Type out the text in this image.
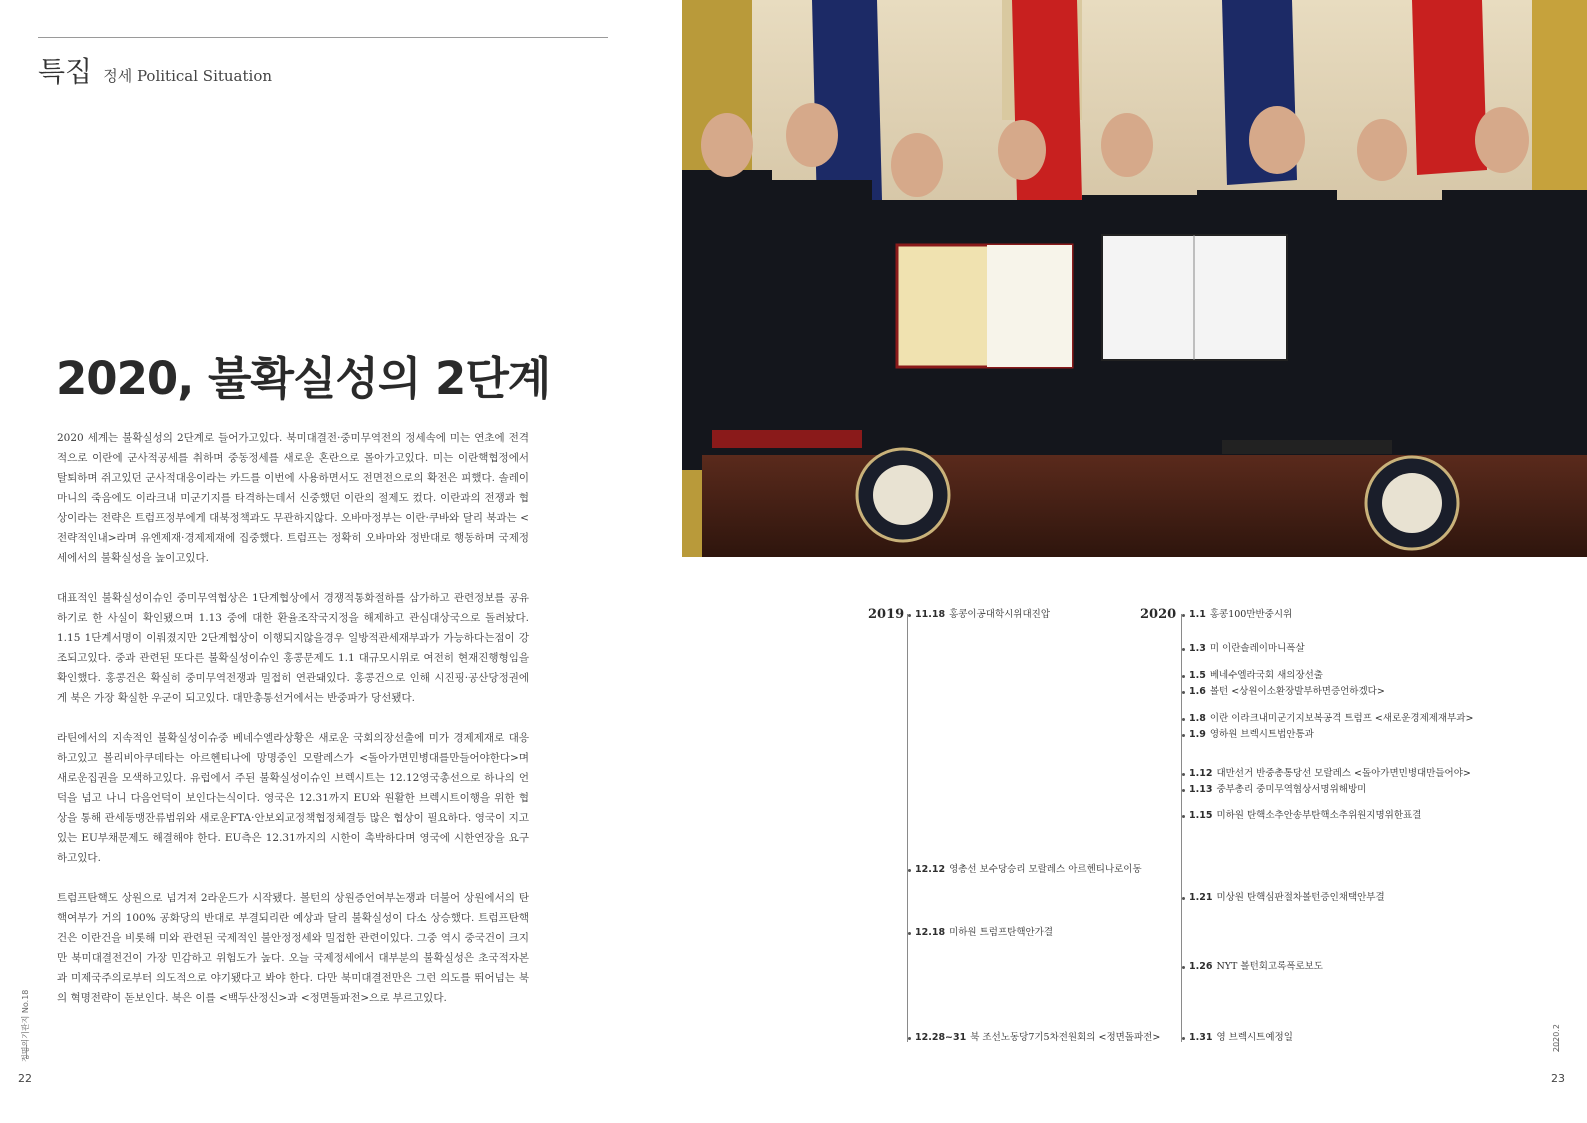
특집 정세 Political Situation
2020, 불확실성의 2단계

2020 세계는 불확실성의 2단계로 들어가고있다. 북미대결전·중미무역전의 정세속에 미는 연초에 전격적으로 이란에 군사적공세를 취하며 중동정세를 새로운 혼란으로 몰아가고있다. 미는 이란핵협정에서 탈퇴하며 쥐고있던 군사적대응이라는 카드를 이번에 사용하면서도 전면전으로의 확전은 피했다. 솔레이마니의 죽음에도 이라크내 미군기지를 타격하는데서 신중했던 이란의 절제도 컸다. 이란과의 전쟁과 협상이라는 전략은 트럼프정부에게 대북정책과도 무관하지않다. 오바마정부는 이란·쿠바와 달리 북과는 <전략적인내>라며 유엔제재·경제제재에 집중했다. 트럼프는 정확히 오바마와 정반대로 행동하며 국제정세에서의 불확실성을 높이고있다.

대표적인 불확실성이슈인 중미무역협상은 1단계협상에서 경쟁적통화절하를 삼가하고 관련정보를 공유하기로 한 사실이 확인됐으며 1.13 중에 대한 환율조작국지정을 해제하고 관심대상국으로 돌려놨다. 1.15 1단계서명이 이뤄졌지만 2단계협상이 이행되지않을경우 일방적관세재부과가 가능하다는점이 강조되고있다. 중과 관련된 또다른 불확실성이슈인 홍콩문제도 1.1 대규모시위로 여전히 현재진행형임을 확인했다. 홍콩건은 확실히 중미무역전쟁과 밀접히 연관돼있다. 홍콩건으로 인해 시진핑·공산당정권에게 북은 가장 확실한 우군이 되고있다. 대만총통선거에서는 반중파가 당선됐다.

라틴에서의 지속적인 불확실성이슈중 베네수엘라상황은 새로운 국회의장선출에 미가 경제제재로 대응하고있고 볼리비아쿠데타는 아르헨티나에 망명중인 모랄레스가 <돌아가면민병대를만들어야한다>며 새로운집권을 모색하고있다. 유럽에서 주된 불확실성이슈인 브렉시트는 12.12영국총선으로 하나의 언덕을 넘고 나니 다음언덕이 보인다는식이다. 영국은 12.31까지 EU와 원활한 브렉시트이행을 위한 협상을 통해 관세동맹잔류범위와 새로운FTA·안보외교정책협정체결등 많은 협상이 필요하다. 영국이 지고있는 EU부채문제도 해결해야 한다. EU측은 12.31까지의 시한이 촉박하다며 영국에 시한연장을 요구하고있다.

트럼프탄핵도 상원으로 넘겨져 2라운드가 시작됐다. 볼턴의 상원증언여부논쟁과 더불어 상원에서의 탄핵여부가 거의 100% 공화당의 반대로 부결되리란 예상과 달리 불확실성이 다소 상승했다. 트럼프탄핵건은 이란건을 비롯해 미와 관련된 국제적인 불안정정세와 밀접한 관련이있다. 그중 역시 중국건이 크지만 북미대결전건이 가장 민감하고 위험도가 높다. 오늘 국제정세에서 대부분의 불확실성은 초국적자본과 미제국주의로부터 의도적으로 야기됐다고 봐야 한다. 다만 북미대결전만은 그런 의도를 뛰어넘는 북의 혁명전략이 돋보인다. 북은 이를 <백두산정신>과 <정면돌파전>으로 부르고있다.

정명의기관지 No.18
22
2020.2
23
2019	2020
11.18 홍콩이공대학시위대진압
12.12 영총선 보수당승리 모랄레스 아르헨티나로이동
12.18 미하원 트럼프탄핵안가결
12.28~31 북 조선노동당7기5차전원회의 <정면돌파전>
1.1 홍콩100만반중시위
1.3 미 이란솔레이마니폭살
1.5 베네수엘라국회 새의장선출
1.6 볼턴 <상원이소환장발부하면증언하겠다>
1.8 이란 이라크내미군기지보복공격 트럼프 <새로운경제제재부과>
1.9 영하원 브렉시트법안통과
1.12 대만선거 반중총통당선 모랄레스 <돌아가면민병대만들어야>
1.13 중부총리 중미무역협상서명위해방미
1.15 미하원 탄핵소추안송부탄핵소추위원지명위한표결
1.21 미상원 탄핵심판절차볼턴증인채택안부결
1.26 NYT 볼턴회고록폭로보도
1.31 영 브렉시트예정일
